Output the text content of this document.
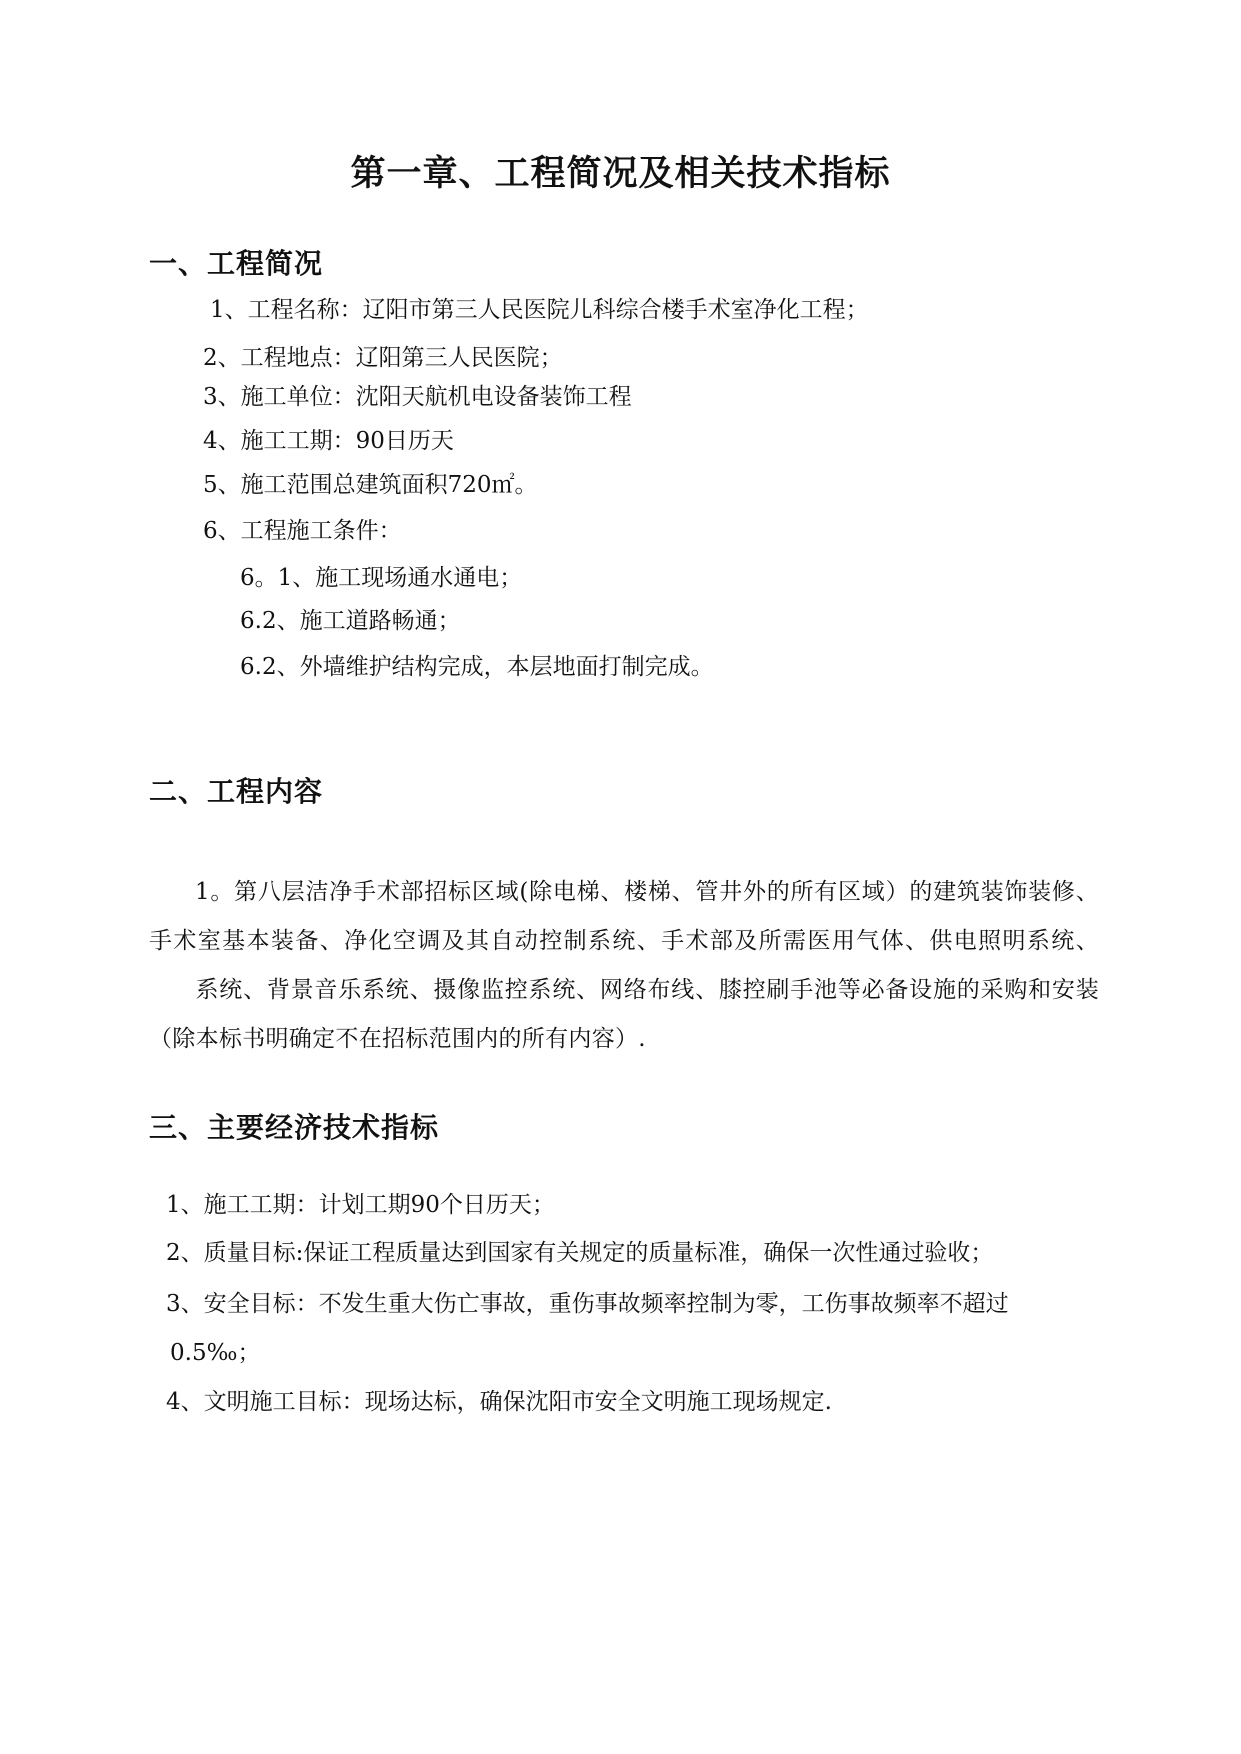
第一章、工程简况及相关技术指标
一、工程简况

1、工程名称：辽阳市第三人民医院儿科综合楼手术室净化工程；

2、工程地点：辽阳第三人民医院；

3、施工单位：沈阳天航机电设备装饰工程

4、施工工期：90日历天

5、施工范围总建筑面积720㎡。

6、工程施工条件：

6。1、施工现场通水通电；

6.2、施工道路畅通；

6.2、外墙维护结构完成，本层地面打制完成。

二、工程内容

1。第八层洁净手术部招标区域(除电梯、楼梯、管井外的所有区域）的建筑装饰装修、手术室基本装备、净化空调及其自动控制系统、手术部及所需医用气体、供电照明系统、系统、背景音乐系统、摄像监控系统、网络布线、膝控刷手池等必备设施的采购和安装（除本标书明确定不在招标范围内的所有内容）.

三、主要经济技术指标

1、施工工期：计划工期90个日历天；

2、质量目标:保证工程质量达到国家有关规定的质量标准，确保一次性通过验收；

3、安全目标：不发生重大伤亡事故，重伤事故频率控制为零，工伤事故频率不超过

0.5‰；

4、文明施工目标：现场达标，确保沈阳市安全文明施工现场规定.
